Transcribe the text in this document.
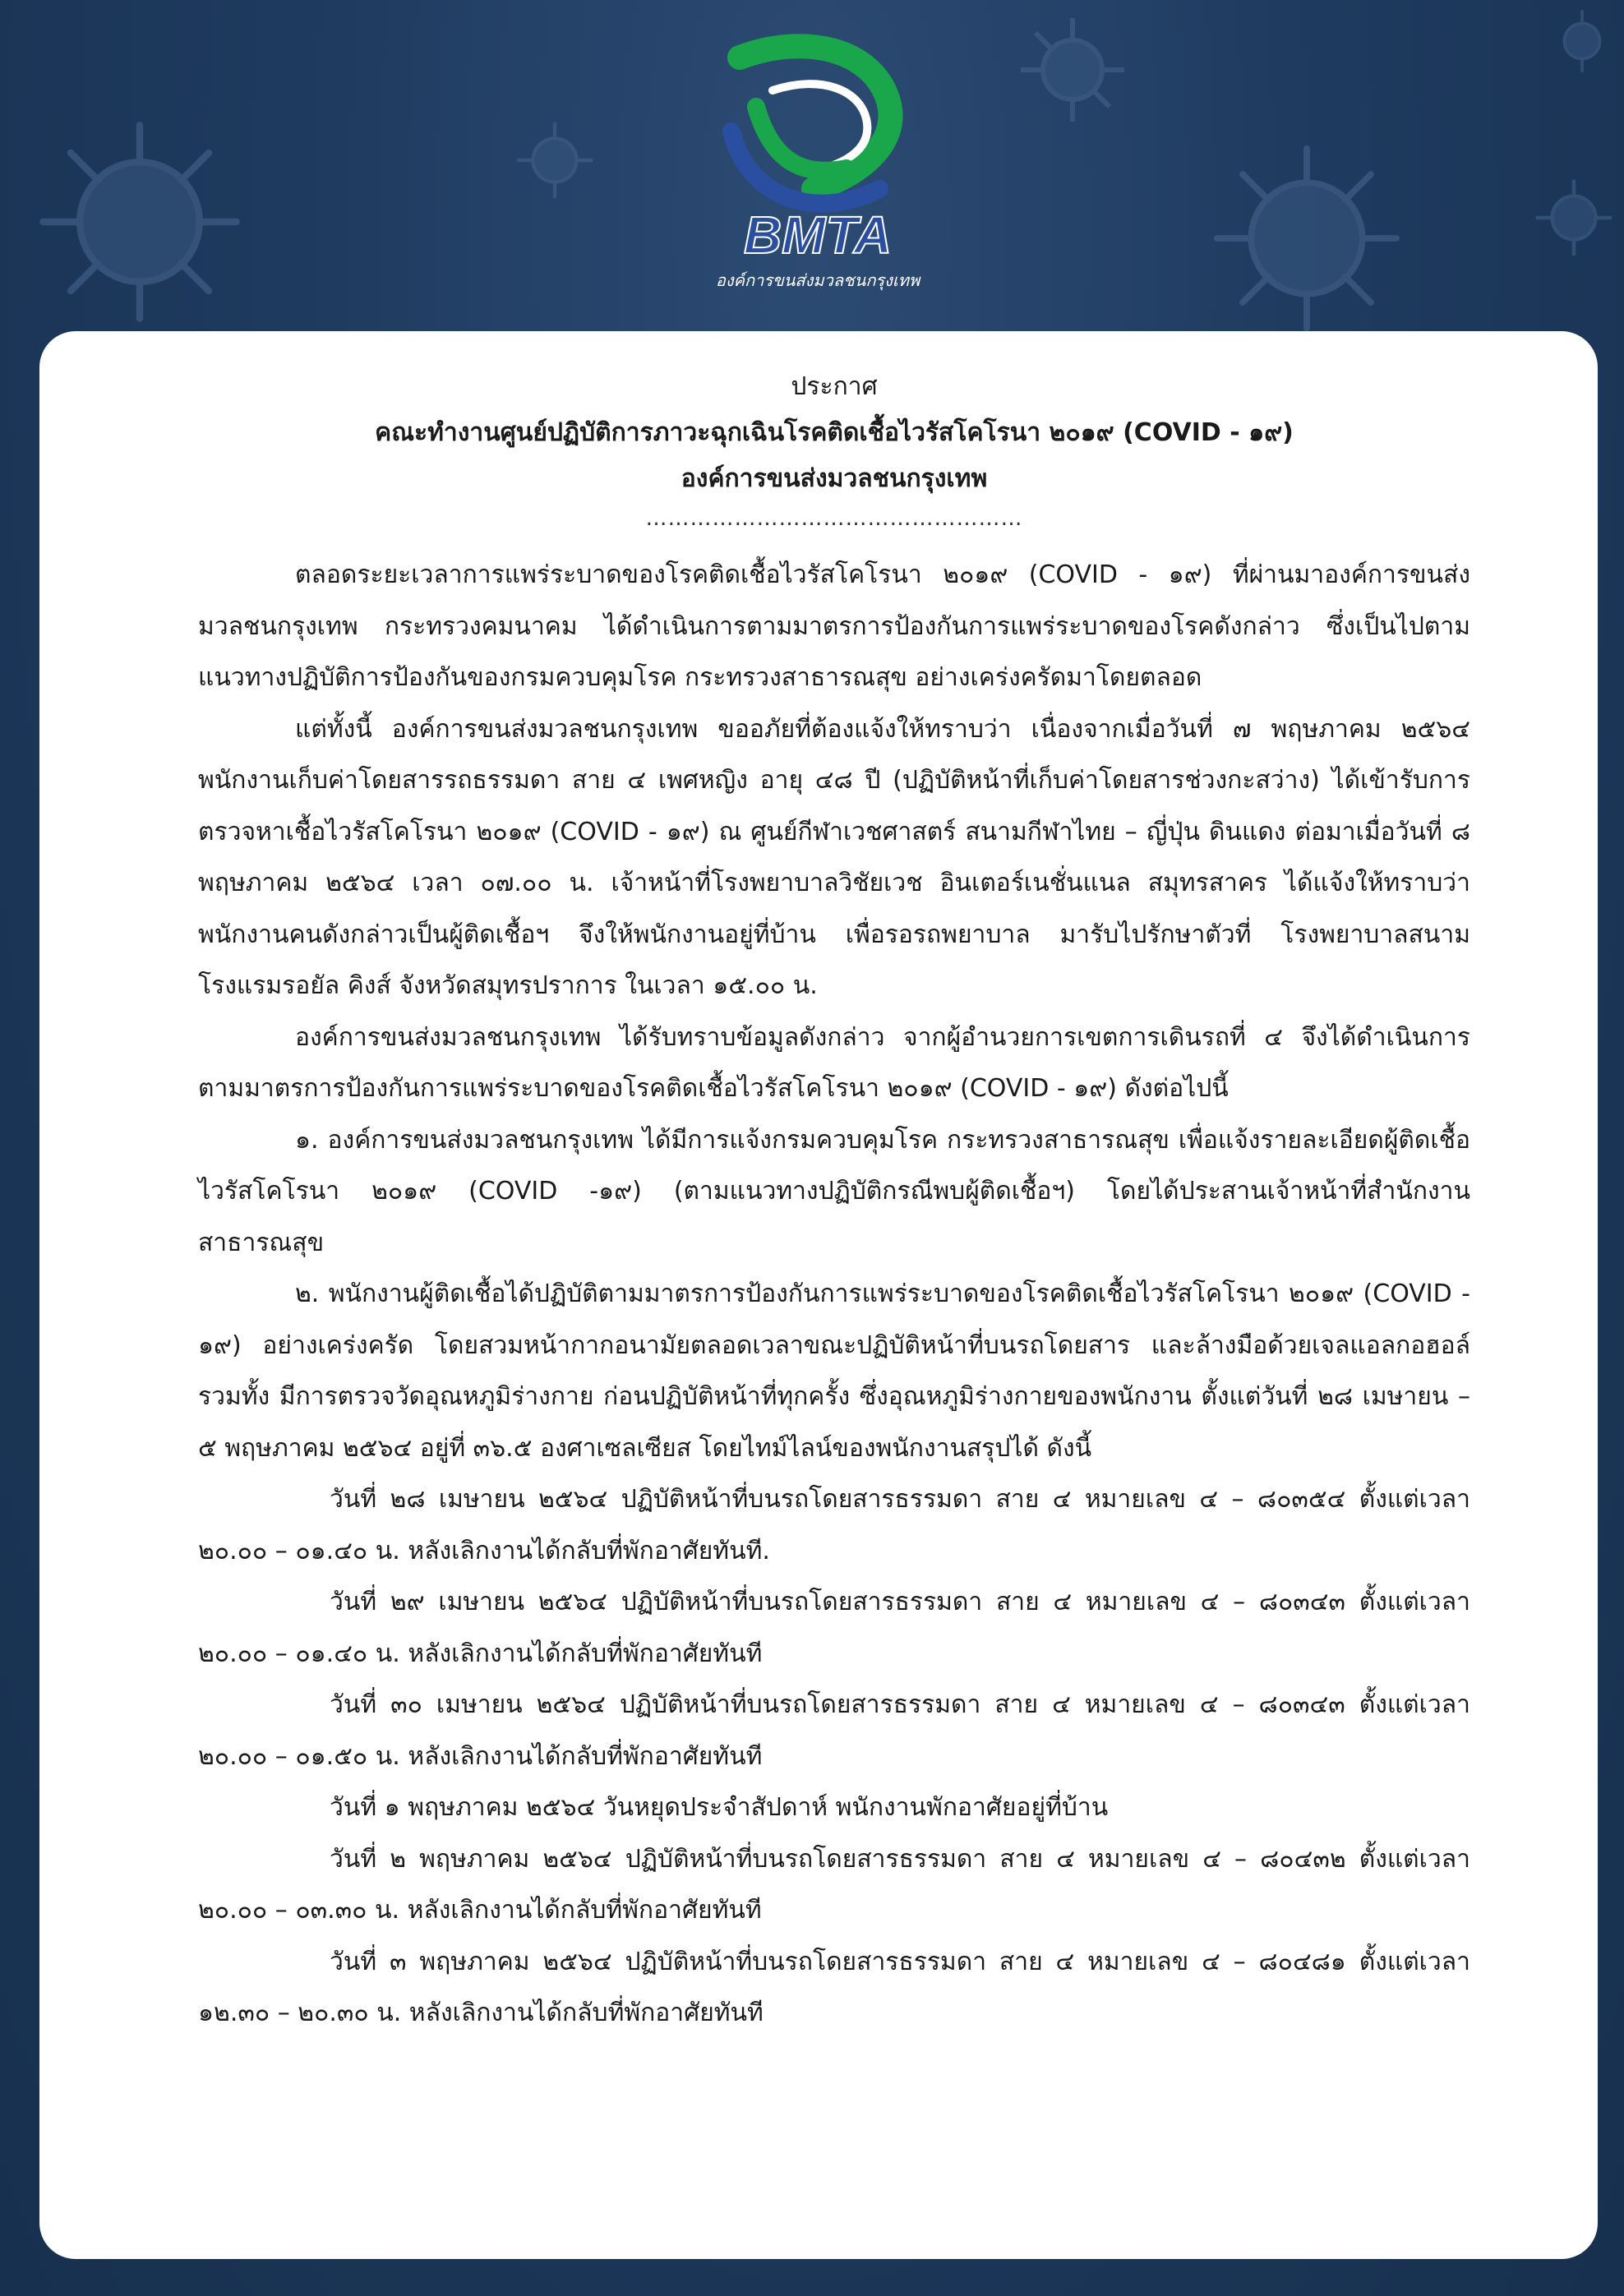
BMTA
องค์การขนส่งมวลชนกรุงเทพ
ประกาศ
คณะทำงานศูนย์ปฏิบัติการภาวะฉุกเฉินโรคติดเชื้อไวรัสโคโรนา ๒๐๑๙ (COVID - ๑๙)
องค์การขนส่งมวลชนกรุงเทพ
……………………………………………

ตลอดระยะเวลาการแพร่ระบาดของโรคติดเชื้อไวรัสโคโรนา ๒๐๑๙ (COVID - ๑๙) ที่ผ่านมาองค์การขนส่งมวลชนกรุงเทพ กระทรวงคมนาคม ได้ดำเนินการตามมาตรการป้องกันการแพร่ระบาดของโรคดังกล่าว ซึ่งเป็นไปตามแนวทางปฏิบัติการป้องกันของกรมควบคุมโรค กระทรวงสาธารณสุข อย่างเคร่งครัดมาโดยตลอด

แต่ทั้งนี้ องค์การขนส่งมวลชนกรุงเทพ ขออภัยที่ต้องแจ้งให้ทราบว่า เนื่องจากเมื่อวันที่ ๗ พฤษภาคม ๒๕๖๔ พนักงานเก็บค่าโดยสารรถธรรมดา สาย ๔ เพศหญิง อายุ ๔๘ ปี (ปฏิบัติหน้าที่เก็บค่าโดยสารช่วงกะสว่าง) ได้เข้ารับการตรวจหาเชื้อไวรัสโคโรนา ๒๐๑๙ (COVID - ๑๙) ณ ศูนย์กีฬาเวชศาสตร์ สนามกีฬาไทย – ญี่ปุ่น ดินแดง ต่อมาเมื่อวันที่ ๘ พฤษภาคม ๒๕๖๔ เวลา ๐๗.๐๐ น. เจ้าหน้าที่โรงพยาบาลวิชัยเวช อินเตอร์เนชั่นแนล สมุทรสาคร ได้แจ้งให้ทราบว่า พนักงานคนดังกล่าวเป็นผู้ติดเชื้อฯ จึงให้พนักงานอยู่ที่บ้าน เพื่อรอรถพยาบาล มารับไปรักษาตัวที่ โรงพยาบาลสนาม โรงแรมรอยัล คิงส์ จังหวัดสมุทรปราการ ในเวลา ๑๕.๐๐ น.

องค์การขนส่งมวลชนกรุงเทพ ได้รับทราบข้อมูลดังกล่าว จากผู้อำนวยการเขตการเดินรถที่ ๔ จึงได้ดำเนินการตามมาตรการป้องกันการแพร่ระบาดของโรคติดเชื้อไวรัสโคโรนา ๒๐๑๙ (COVID - ๑๙) ดังต่อไปนี้

๑. องค์การขนส่งมวลชนกรุงเทพ ได้มีการแจ้งกรมควบคุมโรค กระทรวงสาธารณสุข เพื่อแจ้งรายละเอียดผู้ติดเชื้อไวรัสโคโรนา ๒๐๑๙ (COVID -๑๙) (ตามแนวทางปฏิบัติกรณีพบผู้ติดเชื้อฯ) โดยได้ประสานเจ้าหน้าที่สำนักงานสาธารณสุข

๒. พนักงานผู้ติดเชื้อได้ปฏิบัติตามมาตรการป้องกันการแพร่ระบาดของโรคติดเชื้อไวรัสโคโรนา ๒๐๑๙ (COVID - ๑๙) อย่างเคร่งครัด โดยสวมหน้ากากอนามัยตลอดเวลาขณะปฏิบัติหน้าที่บนรถโดยสาร และล้างมือด้วยเจลแอลกอฮอล์ รวมทั้ง มีการตรวจวัดอุณหภูมิร่างกาย ก่อนปฏิบัติหน้าที่ทุกครั้ง ซึ่งอุณหภูมิร่างกายของพนักงาน ตั้งแต่วันที่ ๒๘ เมษายน – ๕ พฤษภาคม ๒๕๖๔ อยู่ที่ ๓๖.๕ องศาเซลเซียส โดยไทม์ไลน์ของพนักงานสรุปได้ ดังนี้

วันที่ ๒๘ เมษายน ๒๕๖๔ ปฏิบัติหน้าที่บนรถโดยสารธรรมดา สาย ๔ หมายเลข ๔ – ๘๐๓๕๔ ตั้งแต่เวลา ๒๐.๐๐ – ๐๑.๔๐ น. หลังเลิกงานได้กลับที่พักอาศัยทันที.

วันที่ ๒๙ เมษายน ๒๕๖๔ ปฏิบัติหน้าที่บนรถโดยสารธรรมดา สาย ๔ หมายเลข ๔ – ๘๐๓๔๓ ตั้งแต่เวลา ๒๐.๐๐ – ๐๑.๔๐ น. หลังเลิกงานได้กลับที่พักอาศัยทันที

วันที่ ๓๐ เมษายน ๒๕๖๔ ปฏิบัติหน้าที่บนรถโดยสารธรรมดา สาย ๔ หมายเลข ๔ – ๘๐๓๔๓ ตั้งแต่เวลา ๒๐.๐๐ – ๐๑.๕๐ น. หลังเลิกงานได้กลับที่พักอาศัยทันที

วันที่ ๑ พฤษภาคม ๒๕๖๔ วันหยุดประจำสัปดาห์ พนักงานพักอาศัยอยู่ที่บ้าน

วันที่ ๒ พฤษภาคม ๒๕๖๔ ปฏิบัติหน้าที่บนรถโดยสารธรรมดา สาย ๔ หมายเลข ๔ – ๘๐๔๓๒ ตั้งแต่เวลา ๒๐.๐๐ – ๐๓.๓๐ น. หลังเลิกงานได้กลับที่พักอาศัยทันที

วันที่ ๓ พฤษภาคม ๒๕๖๔ ปฏิบัติหน้าที่บนรถโดยสารธรรมดา สาย ๔ หมายเลข ๔ – ๘๐๔๘๑ ตั้งแต่เวลา ๑๒.๓๐ – ๒๐.๓๐ น. หลังเลิกงานได้กลับที่พักอาศัยทันที
